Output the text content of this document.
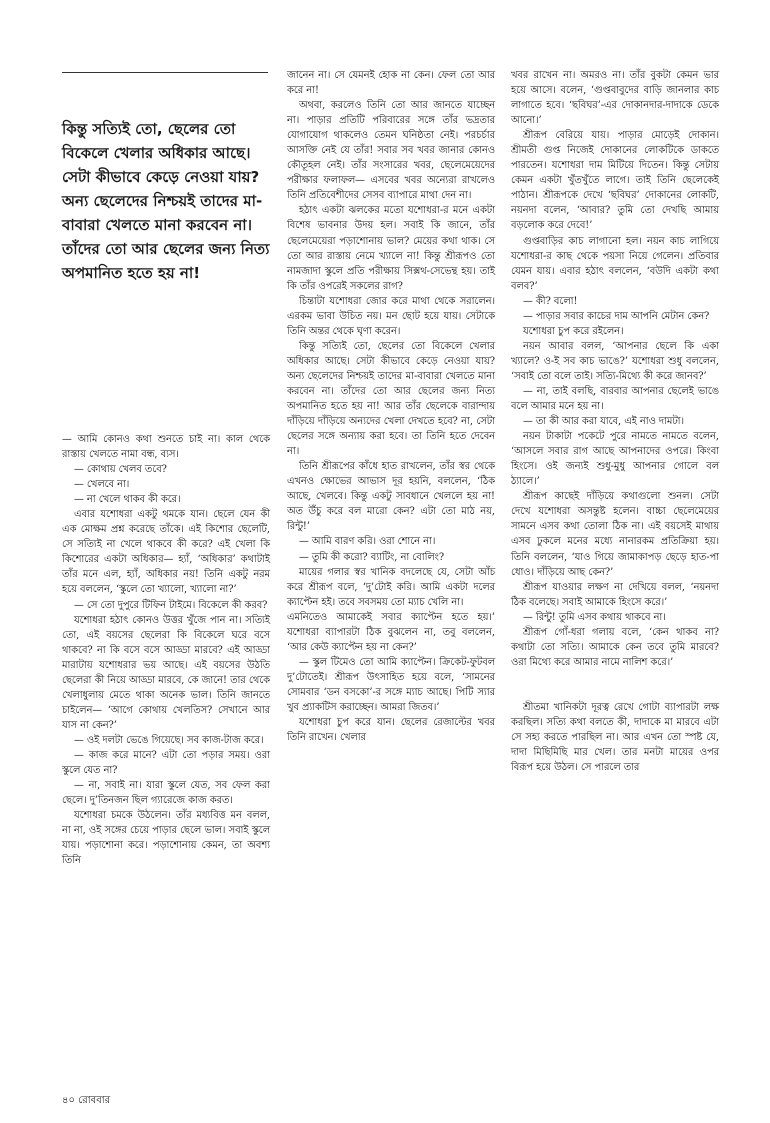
কিন্তু সত্যিই তো, ছেলের তো বিকেলে খেলার অধিকার আছে। সেটা কীভাবে কেড়ে নেওয়া যায়? অন্য ছেলেদের নিশ্চয়ই তাদের মা-বাবারা খেলতে মানা করবেন না। তাঁদের তো আর ছেলের জন্য নিত্য অপমানিত হতে হয় না!

— আমি কোনও কথা শুনতে চাই না। কাল থেকে রাস্তায় খেলতে নামা বন্ধ, ব্যস।

— কোথায় খেলব তবে?

— খেলবে না।

— না খেলে থাকব কী করে।

এবার যশোধরা একটু থমকে যান। ছেলে যেন কী এক মোক্ষম প্রশ্ন করেছে তাঁকে। এই কিশোর ছেলেটি, সে সত্যিই না খেলে থাকবে কী করে? এই খেলা কি কিশোরের একটা অধিকার— হ্যাঁ, ‘অধিকার’ কথাটাই তাঁর মনে এল, হ্যাঁ, অধিকার নয়! তিনি একটু নরম হয়ে বললেন, ‘স্কুলে তো খ্যালো, খ্যালো না?’

— সে তো দুপুরে টিফিন টাইমে। বিকেলে কী করব?

যশোধরা হঠাৎ কোনও উত্তর খুঁজে পান না। সত্যিই তো, এই বয়সের ছেলেরা কি বিকেলে ঘরে বসে থাকবে? না কি বসে বসে আড্ডা মারবে? এই আড্ডা মারাটায় যশোধরার ভয় আছে। এই বয়সের উঠতি ছেলেরা কী নিয়ে আড্ডা মারবে, কে জানে! তার থেকে খেলাধুলায় মেতে থাকা অনেক ভাল। তিনি জানতে চাইলেন— ‘আগে কোথায় খেলতিস? সেখানে আর যাস না কেন?’

— ওই দলটা ভেঙে গিয়েছে। সব কাজ-টাজ করে।

— কাজ করে মানে? এটা তো পড়ার সময়। ওরা স্কুলে যেত না?

— না, সবাই না। যারা স্কুলে যেত, সব ফেল করা ছেলে। দু’তিনজন ছিল গ্যারেজে কাজ করত।

যশোধরা চমকে উঠলেন। তাঁর মধ্যবিত্ত মন বলল, না না, ওই সঙ্গের চেয়ে পাড়ার ছেলে ভাল। সবাই স্কুলে যায়। পড়াশোনা করে। পড়াশোনায় কেমন, তা অবশ্য তিনি

জানেন না। সে যেমনই হোক না কেন। ফেল তো আর করে না!

অথবা, করলেও তিনি তো আর জানতে যাচ্ছেন না। পাড়ার প্রতিটি পরিবারের সঙ্গে তাঁর ভদ্রতার যোগাযোগ থাকলেও তেমন ঘনিষ্ঠতা নেই। পরচর্চার আসক্তি নেই যে তাঁর! সবার সব খবর জানার কোনও কৌতূহল নেই। তাঁর সংসারের খবর, ছেলেমেয়েদের পরীক্ষার ফলাফল— এসবের খবর অন্যেরা রাখলেও তিনি প্রতিবেশীদের সেসব ব্যাপারে মাথা দেন না।

হঠাৎ একটা ঝলকের মতো যশোধরা-র মনে একটা বিশেষ ভাবনার উদয় হল। সবাই কি জানে, তাঁর ছেলেমেয়েরা পড়াশোনায় ভাল? মেয়ের কথা থাক। সে তো আর রাস্তায় নেমে খ্যালে না! কিন্তু শ্রীরূপও তো নামজাদা স্কুলে প্রতি পরীক্ষায় সিক্সথ-সেভেন্থ হয়। তাই কি তাঁর ওপরেই সকলের রাগ?

চিন্তাটা যশোধরা জোর করে মাথা থেকে সরালেন। এরকম ভাবা উচিত নয়। মন ছোট হয়ে যায়। সেটাকে তিনি অন্তর থেকে ঘৃণা করেন।

কিন্তু সত্যিই তো, ছেলের তো বিকেলে খেলার অধিকার আছে। সেটা কীভাবে কেড়ে নেওয়া যায়? অন্য ছেলেদের নিশ্চয়ই তাদের মা-বাবারা খেলতে মানা করবেন না। তাঁদের তো আর ছেলের জন্য নিত্য অপমানিত হতে হয় না! আর তাঁর ছেলেকে বারান্দায় দাঁড়িয়ে দাঁড়িয়ে অন্যদের খেলা দেখতে হবে? না, সেটা ছেলের সঙ্গে অন্যায় করা হবে। তা তিনি হতে দেবেন না।

তিনি শ্রীরূপের কাঁধে হাত রাখলেন, তাঁর স্বর থেকে এখনও ক্ষোভের আভাস দূর হয়নি, বললেন, ‘ঠিক আছে, খেলবে। কিন্তু একটু সাবধানে খেললে হয় না! অত উঁচু করে বল মারো কেন? এটা তো মাঠ নয়, রিন্টু!’

— আমি বারণ করি। ওরা শোনে না।

— তুমি কী করো? ব্যাটিং, না বোলিং?

মায়ের গলার স্বর খানিক বদলেছে যে, সেটা আঁচ করে শ্রীরূপ বলে, ‘দু’টোই করি। আমি একটা দলের ক্যাপ্টেন হই। তবে সবসময় তো ম্যাচ খেলি না।

এমনিতেও আমাকেই সবার ক্যাপ্টেন হতে হয়।’ যশোধরা ব্যাপারটা ঠিক বুঝলেন না, তবু বললেন, ‘আর কেউ ক্যাপ্টেন হয় না কেন?’

— স্কুল টিমেও তো আমি ক্যাপ্টেন। ক্রিকেট-ফুটবল দু’টোতেই। শ্রীরূপ উৎসাহিত হয়ে বলে, ‘সামনের সোমবার ‘ডন বসকো’-র সঙ্গে ম্যাচ আছে। পিটি স্যার খুব প্র্যাকটিস করাচ্ছেন। আমরা জিতব।’

যশোধরা চুপ করে যান। ছেলের রেজাল্টের খবর তিনি রাখেন। খেলার

খবর রাখেন না। অমরও না। তাঁর বুকটা কেমন ভার হয়ে আসে। বলেন, ‘গুপ্তবাবুদের বাড়ি জানলার কাচ লাগাতে হবে। ‘ছবিঘর’-এর দোকানদার-দাদাকে ডেকে আনো।’

শ্রীরূপ বেরিয়ে যায়। পাড়ার মোড়েই দোকান। শ্রীমতী গুপ্ত নিজেই দোকানের লোকটিকে ডাকতে পারতেন। যশোধরা দাম মিটিয়ে দিতেন। কিন্তু সেটায় কেমন একটা খুঁতখুঁতে লাগে। তাই তিনি ছেলেকেই পাঠান। শ্রীরূপকে দেখে ‘ছবিঘর’ দোকানের লোকটি, নয়নদা বলেন, ‘আবার? তুমি তো দেখছি আমায় বড়লোক করে দেবে!’

গুপ্তবাড়ির কাচ লাগানো হল। নয়ন কাচ লাগিয়ে যশোধরা-র কাছ থেকে পয়সা নিয়ে গেলেন। প্রতিবার যেমন যায়। এবার হঠাৎ বললেন, ‘বউদি একটা কথা বলব?’

— কী? বলো!

— পাড়ার সবার কাচের দাম আপনি মেটান কেন?

যশোধরা চুপ করে রইলেন।

নয়ন আবার বলল, ‘আপনার ছেলে কি একা খ্যালে? ও-ই সব কাচ ভাঙে?’ যশোধরা শুধু বললেন, ‘সবাই তো বলে তাই। সত্যি-মিথ্যে কী করে জানব?’

— না, তাই বলছি, বারবার আপনার ছেলেই ভাঙে বলে আমার মনে হয় না।

— তা কী আর করা যাবে, এই নাও দামটা।

নয়ন টাকাটা পকেটে পুরে নামতে নামতে বলেন, ‘আসলে সবার রাগ আছে আপনাদের ওপরে। কিংবা হিংসে। ওই জন্যই শুধু-মুধু আপনার গোলে বল ঠ্যালে।’

শ্রীরূপ কাছেই দাঁড়িয়ে কথাগুলো শুনল। সেটা দেখে যশোধরা অসন্তুষ্ট হলেন। বাচ্চা ছেলেমেয়ের সামনে এসব কথা তোলা ঠিক না। এই বয়সেই মাথায় এসব ঢুকলে মনের মধ্যে নানারকম প্রতিক্রিয়া হয়। তিনি বললেন, ‘যাও গিয়ে জামাকাপড় ছেড়ে হাত-পা ধোও। দাঁড়িয়ে আছ কেন?’

শ্রীরূপ যাওয়ার লক্ষণ না দেখিয়ে বলল, ‘নয়নদা ঠিক বলেছে। সবাই আমাকে হিংসে করে।’

— রিন্টু! তুমি এসব কথায় থাকবে না।

শ্রীরূপ গোঁ-ধরা গলায় বলে, ‘কেন থাকব না? কথাটা তো সত্যি। আমাকে কেন তবে তুমি মারবে? ওরা মিথ্যে করে আমার নামে নালিশ করে।’

শ্রীতমা খানিকটা দূরত্ব রেখে গোটা ব্যাপারটা লক্ষ করছিল। সত্যি কথা বলতে কী, দাদাকে মা মারবে এটা সে সহ্য করতে পারছিল না। আর এখন তো স্পষ্ট যে, দাদা মিছিমিছি মার খেল। তার মনটা মায়ের ওপর বিরূপ হয়ে উঠল। সে পারলে তার

৪০ রোববার
